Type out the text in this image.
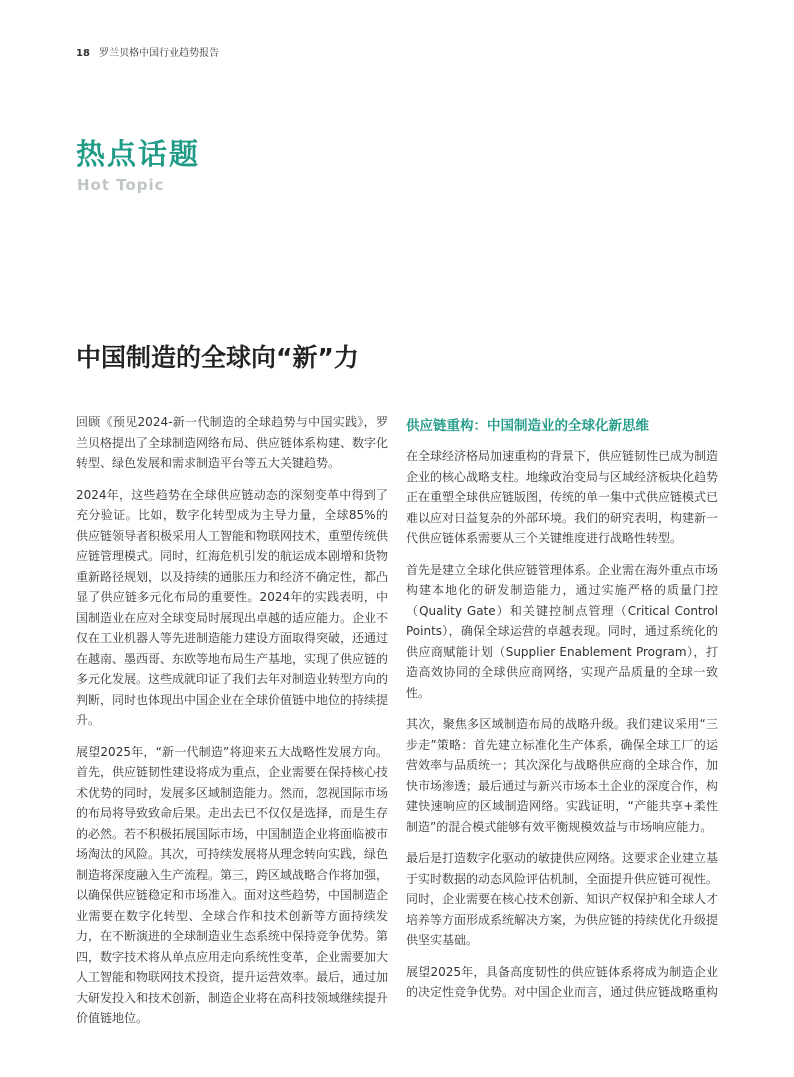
18 罗兰贝格中国行业趋势报告
热点话题
Hot Topic
中国制造的全球向“新”力

回顾《预见2024-新一代制造的全球趋势与中国实践》，罗兰贝格提出了全球制造网络布局、供应链体系构建、数字化转型、绿色发展和需求制造平台等五大关键趋势。

2024年，这些趋势在全球供应链动态的深刻变革中得到了充分验证。比如，数字化转型成为主导力量，全球85%的供应链领导者积极采用人工智能和物联网技术，重塑传统供应链管理模式。同时，红海危机引发的航运成本剧增和货物重新路径规划，以及持续的通胀压力和经济不确定性，都凸显了供应链多元化布局的重要性。2024年的实践表明，中国制造业在应对全球变局时展现出卓越的适应能力。企业不仅在工业机器人等先进制造能力建设方面取得突破，还通过在越南、墨西哥、东欧等地布局生产基地，实现了供应链的多元化发展。这些成就印证了我们去年对制造业转型方向的判断，同时也体现出中国企业在全球价值链中地位的持续提升。

展望2025年，“新一代制造”将迎来五大战略性发展方向。首先，供应链韧性建设将成为重点，企业需要在保持核心技术优势的同时，发展多区域制造能力。然而，忽视国际市场的布局将导致致命后果。走出去已不仅仅是选择，而是生存的必然。若不积极拓展国际市场，中国制造企业将面临被市场淘汰的风险。其次，可持续发展将从理念转向实践，绿色制造将深度融入生产流程。第三，跨区域战略合作将加强，以确保供应链稳定和市场准入。面对这些趋势，中国制造企业需要在数字化转型、全球合作和技术创新等方面持续发力，在不断演进的全球制造业生态系统中保持竞争优势。第四，数字技术将从单点应用走向系统性变革，企业需要加大人工智能和物联网技术投资，提升运营效率。最后，通过加大研发投入和技术创新，制造企业将在高科技领域继续提升价值链地位。

供应链重构：中国制造业的全球化新思维

在全球经济格局加速重构的背景下，供应链韧性已成为制造企业的核心战略支柱。地缘政治变局与区域经济板块化趋势正在重塑全球供应链版图，传统的单一集中式供应链模式已难以应对日益复杂的外部环境。我们的研究表明，构建新一代供应链体系需要从三个关键维度进行战略性转型。

首先是建立全球化供应链管理体系。企业需在海外重点市场构建本地化的研发制造能力，通过实施严格的质量门控（Quality Gate）和关键控制点管理（Critical Control Points），确保全球运营的卓越表现。同时，通过系统化的供应商赋能计划（Supplier Enablement Program），打造高效协同的全球供应商网络，实现产品质量的全球一致性。

其次，聚焦多区域制造布局的战略升级。我们建议采用“三步走”策略：首先建立标准化生产体系，确保全球工厂的运营效率与品质统一；其次深化与战略供应商的全球合作，加快市场渗透；最后通过与新兴市场本土企业的深度合作，构建快速响应的区域制造网络。实践证明，“产能共享+柔性制造”的混合模式能够有效平衡规模效益与市场响应能力。

最后是打造数字化驱动的敏捷供应网络。这要求企业建立基于实时数据的动态风险评估机制，全面提升供应链可视性。同时，企业需要在核心技术创新、知识产权保护和全球人才培养等方面形成系统解决方案，为供应链的持续优化升级提供坚实基础。

展望2025年，具备高度韧性的供应链体系将成为制造企业的决定性竞争优势。对中国企业而言，通过供应链战略重构
